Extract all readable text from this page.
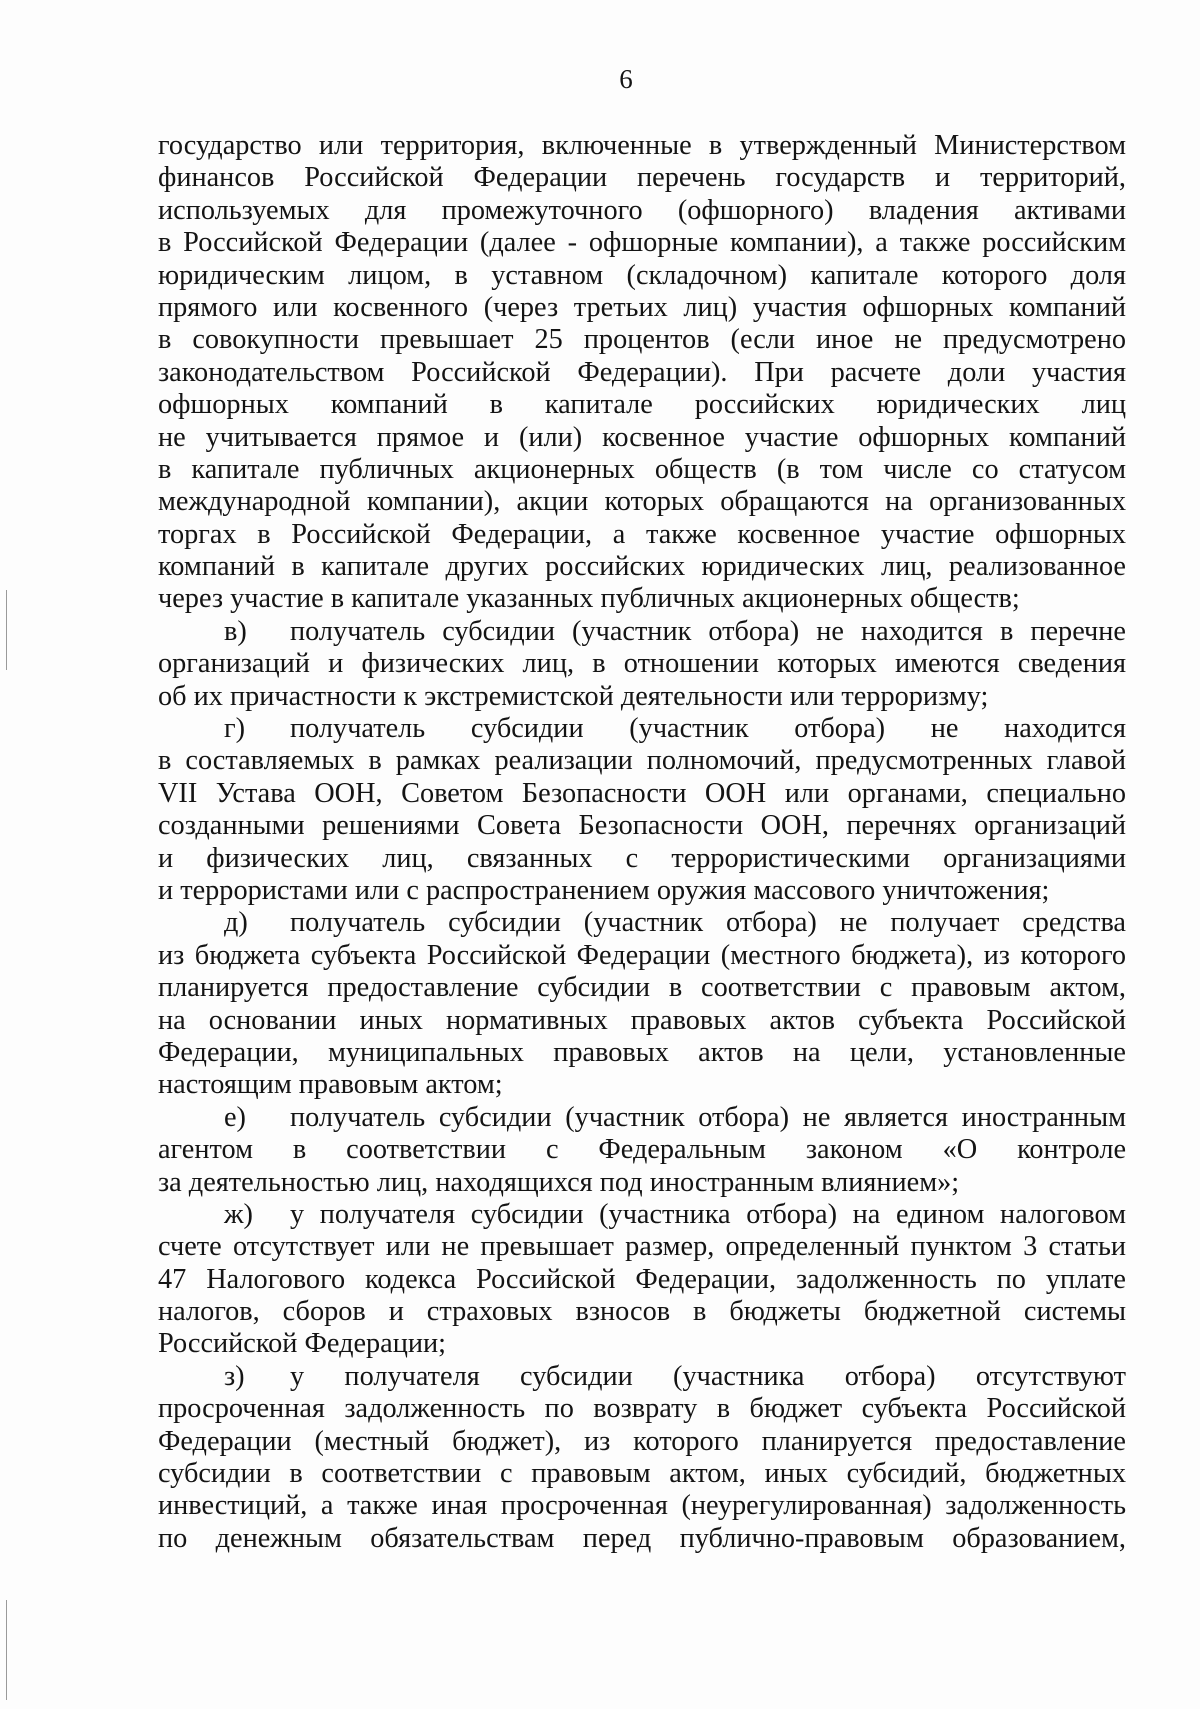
6
государство или территория, включенные в утвержденный Министерством
финансов Российской Федерации перечень государств и территорий,
используемых для промежуточного (офшорного) владения активами
в Российской Федерации (далее - офшорные компании), а также российским
юридическим лицом, в уставном (складочном) капитале которого доля
прямого или косвенного (через третьих лиц) участия офшорных компаний
в совокупности превышает 25 процентов (если иное не предусмотрено
законодательством Российской Федерации). При расчете доли участия
офшорных компаний в капитале российских юридических лиц
не учитывается прямое и (или) косвенное участие офшорных компаний
в капитале публичных акционерных обществ (в том числе со статусом
международной компании), акции которых обращаются на организованных
торгах в Российской Федерации, а также косвенное участие офшорных
компаний в капитале других российских юридических лиц, реализованное
через участие в капитале указанных публичных акционерных обществ;
в) получатель субсидии (участник отбора) не находится в перечне
организаций и физических лиц, в отношении которых имеются сведения
об их причастности к экстремистской деятельности или терроризму;
г) получатель субсидии (участник отбора) не находится
в составляемых в рамках реализации полномочий, предусмотренных главой
VII Устава ООН, Советом Безопасности ООН или органами, специально
созданными решениями Совета Безопасности ООН, перечнях организаций
и физических лиц, связанных с террористическими организациями
и террористами или с распространением оружия массового уничтожения;
д) получатель субсидии (участник отбора) не получает средства
из бюджета субъекта Российской Федерации (местного бюджета), из которого
планируется предоставление субсидии в соответствии с правовым актом,
на основании иных нормативных правовых актов субъекта Российской
Федерации, муниципальных правовых актов на цели, установленные
настоящим правовым актом;
е) получатель субсидии (участник отбора) не является иностранным
агентом в соответствии с Федеральным законом «О контроле
за деятельностью лиц, находящихся под иностранным влиянием»;
ж) у получателя субсидии (участника отбора) на едином налоговом
счете отсутствует или не превышает размер, определенный пунктом 3 статьи
47 Налогового кодекса Российской Федерации, задолженность по уплате
налогов, сборов и страховых взносов в бюджеты бюджетной системы
Российской Федерации;
з) у получателя субсидии (участника отбора) отсутствуют
просроченная задолженность по возврату в бюджет субъекта Российской
Федерации (местный бюджет), из которого планируется предоставление
субсидии в соответствии с правовым актом, иных субсидий, бюджетных
инвестиций, а также иная просроченная (неурегулированная) задолженность
по денежным обязательствам перед публично-правовым образованием,
